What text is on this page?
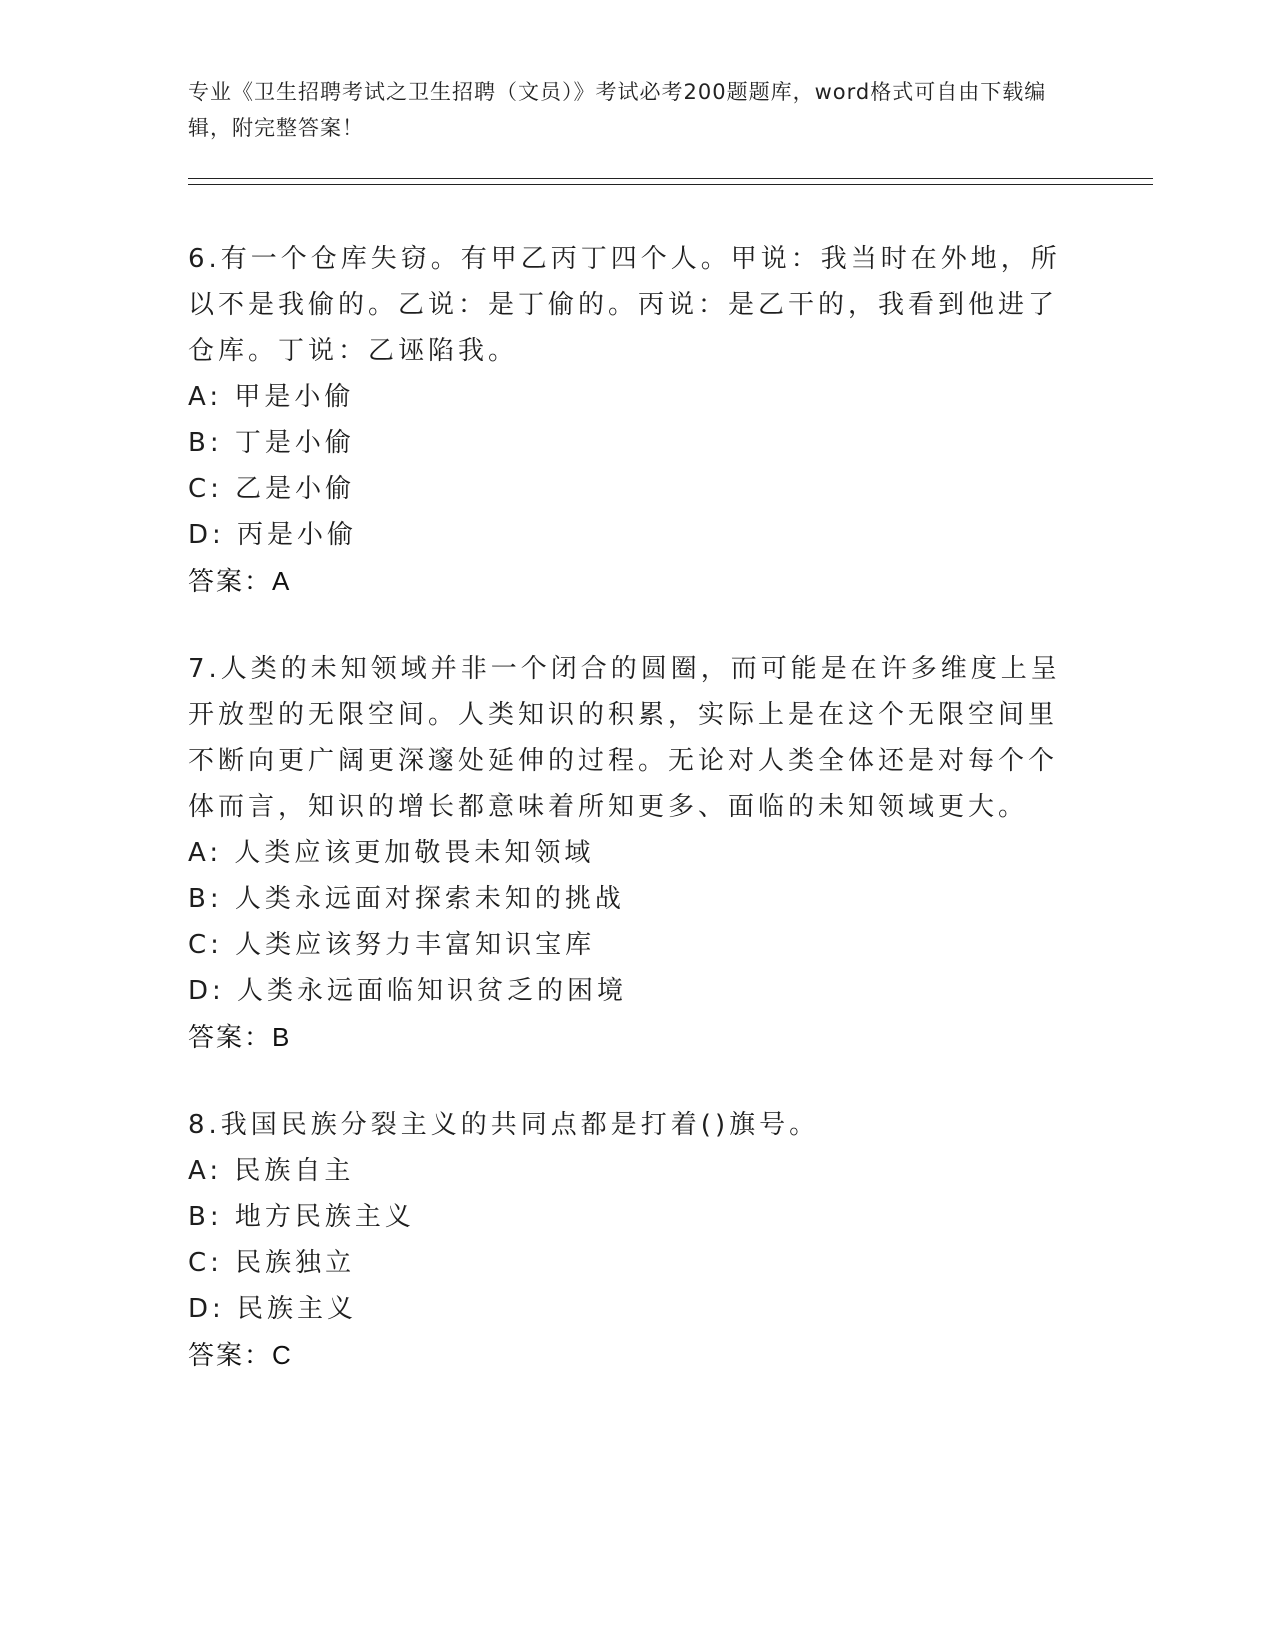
专业《卫生招聘考试之卫生招聘（文员）》考试必考200题题库，word格式可自由下载编辑，附完整答案！

6.有一个仓库失窃。有甲乙丙丁四个人。甲说：我当时在外地，所以不是我偷的。乙说：是丁偷的。丙说：是乙干的，我看到他进了仓库。丁说：乙诬陷我。

A: 甲是小偷

B: 丁是小偷

C: 乙是小偷

D: 丙是小偷

答案：A

7.人类的未知领域并非一个闭合的圆圈，而可能是在许多维度上呈开放型的无限空间。人类知识的积累，实际上是在这个无限空间里不断向更广阔更深邃处延伸的过程。无论对人类全体还是对每个个体而言，知识的增长都意味着所知更多、面临的未知领域更大。

A: 人类应该更加敬畏未知领域

B: 人类永远面对探索未知的挑战

C: 人类应该努力丰富知识宝库

D: 人类永远面临知识贫乏的困境

答案：B

8.我国民族分裂主义的共同点都是打着()旗号。

A: 民族自主

B: 地方民族主义

C: 民族独立

D: 民族主义

答案：C
